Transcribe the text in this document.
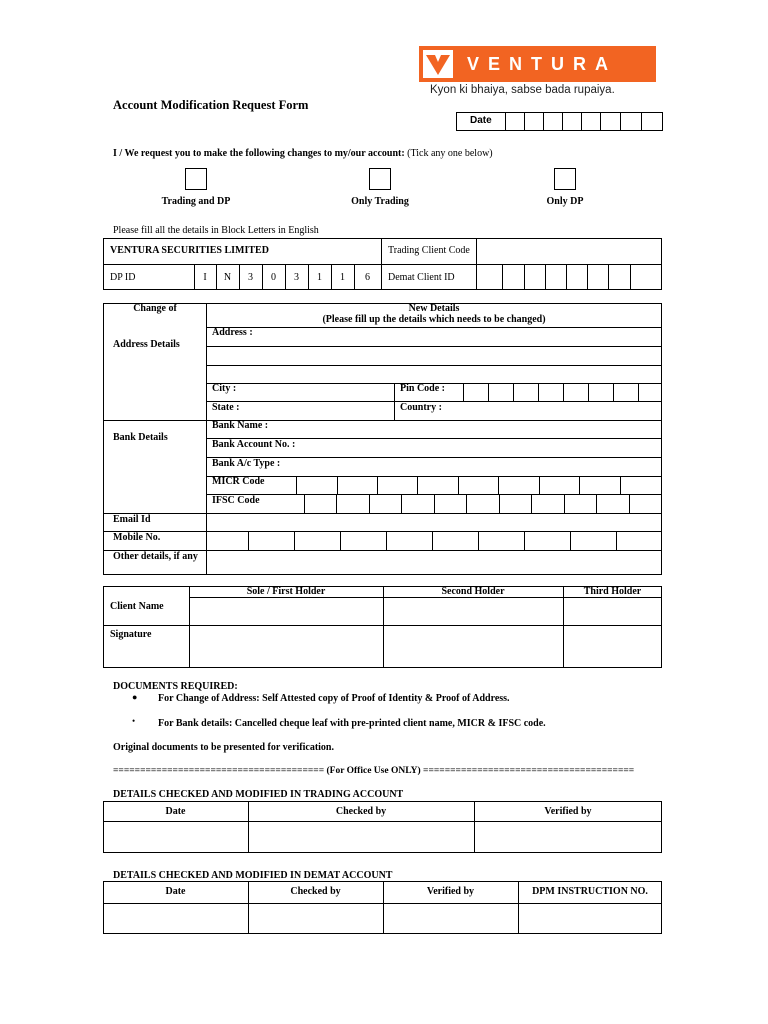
VENTURA
Kyon ki bhaiya, sabse bada rupaiya.
Account Modification Request Form
Date
I / We request you to make the following changes to my/our account: (Tick any one below)
Trading and DP	Only Trading	Only DP
Please fill all the details in Block Letters in English
VENTURA SECURITIES LIMITED	Trading Client Code
DP ID	I	N	3	0	3	1	1	6	Demat Client ID
Change of	New Details
(Please fill up the details which needs to be changed)
Address Details
Address :
City :	Pin Code :
State :	Country :
Bank Details
Bank Name :
Bank Account No. :
Bank A/c Type :
MICR Code
IFSC Code
Email Id
Mobile No.
Other details, if any
Sole / First Holder	Second Holder	Third Holder
Client Name
Signature
DOCUMENTS REQUIRED:
● For Change of Address: Self Attested copy of Proof of Identity & Proof of Address.
• For Bank details: Cancelled cheque leaf with pre-printed client name, MICR & IFSC code.
Original documents to be presented for verification.
======================================= (For Office Use ONLY) =======================================
DETAILS CHECKED AND MODIFIED IN TRADING ACCOUNT
Date	Checked by	Verified by
DETAILS CHECKED AND MODIFIED IN DEMAT ACCOUNT
Date	Checked by	Verified by	DPM INSTRUCTION NO.
